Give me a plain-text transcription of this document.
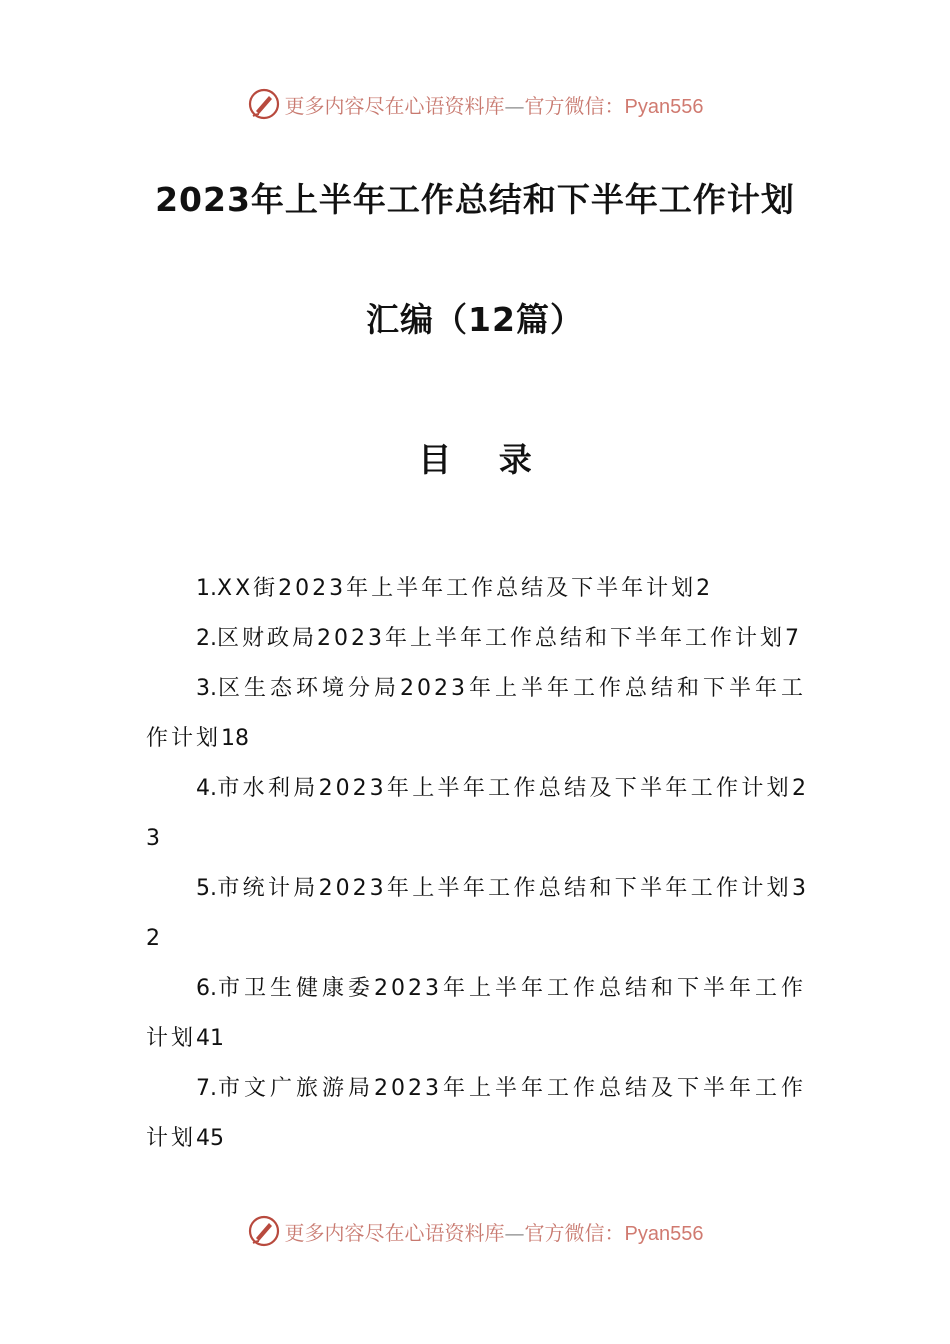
更多内容尽在心语资料库—官方微信：Pyan556
2023年上半年工作总结和下半年工作计划
汇编（12篇）
目 录
1.XX街2023年上半年工作总结及下半年计划2
2.区财政局2023年上半年工作总结和下半年工作计划7
3.区生态环境分局2023年上半年工作总结和下半年工作计划18
4.市水利局2023年上半年工作总结及下半年工作计划23
5.市统计局2023年上半年工作总结和下半年工作计划32
6.市卫生健康委2023年上半年工作总结和下半年工作计划41
7.市文广旅游局2023年上半年工作总结及下半年工作计划45
更多内容尽在心语资料库—官方微信：Pyan556
